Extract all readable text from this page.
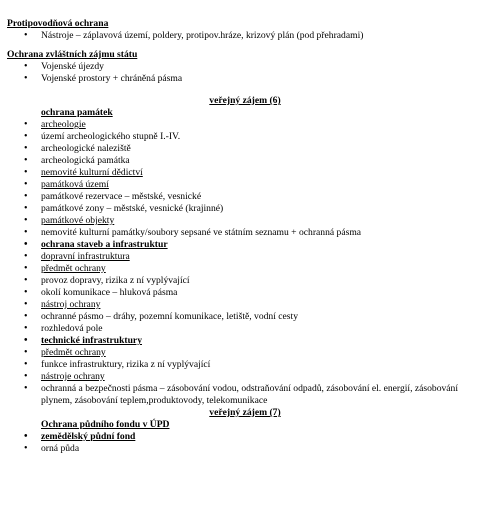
Protipovodňová ochrana
• Nástroje – záplavová území, poldery, protipov.hráze, krizový plán (pod přehradami)
Ochrana zvláštních zájmu státu
• Vojenské újezdy
• Vojenské prostory + chráněná pásma
veřejný zájem (6)
ochrana památek
• archeologie
• území archeologického stupně I.-IV.
• archeologické naleziště
• archeologická památka
• nemovité kulturní dědictví
• památková území
• památkové rezervace – městské, vesnické
• památkové zony – městské, vesnické (krajinné)
• památkové objekty
• nemovité kulturní památky/soubory sepsané ve státním seznamu + ochranná pásma
• ochrana staveb a infrastruktur
• dopravní infrastruktura
• předmět ochrany
• provoz dopravy, rizika z ní vyplývající
• okolí komunikace – hluková pásma
• nástroj ochrany
• ochranné pásmo – dráhy, pozemní komunikace, letiště, vodní cesty
• rozhledová pole
• technické infrastruktury
• předmět ochrany
• funkce infrastruktury, rizika z ní vyplývající
• nástroje ochrany
• ochranná a bezpečnosti pásma – zásobování vodou, odstraňování odpadů, zásobování el. energií, zásobování plynem, zásobování teplem,produktovody, telekomunikace
veřejný zájem (7)
Ochrana půdního fondu v ÚPD
• zemědělský půdní fond
• orná půda
